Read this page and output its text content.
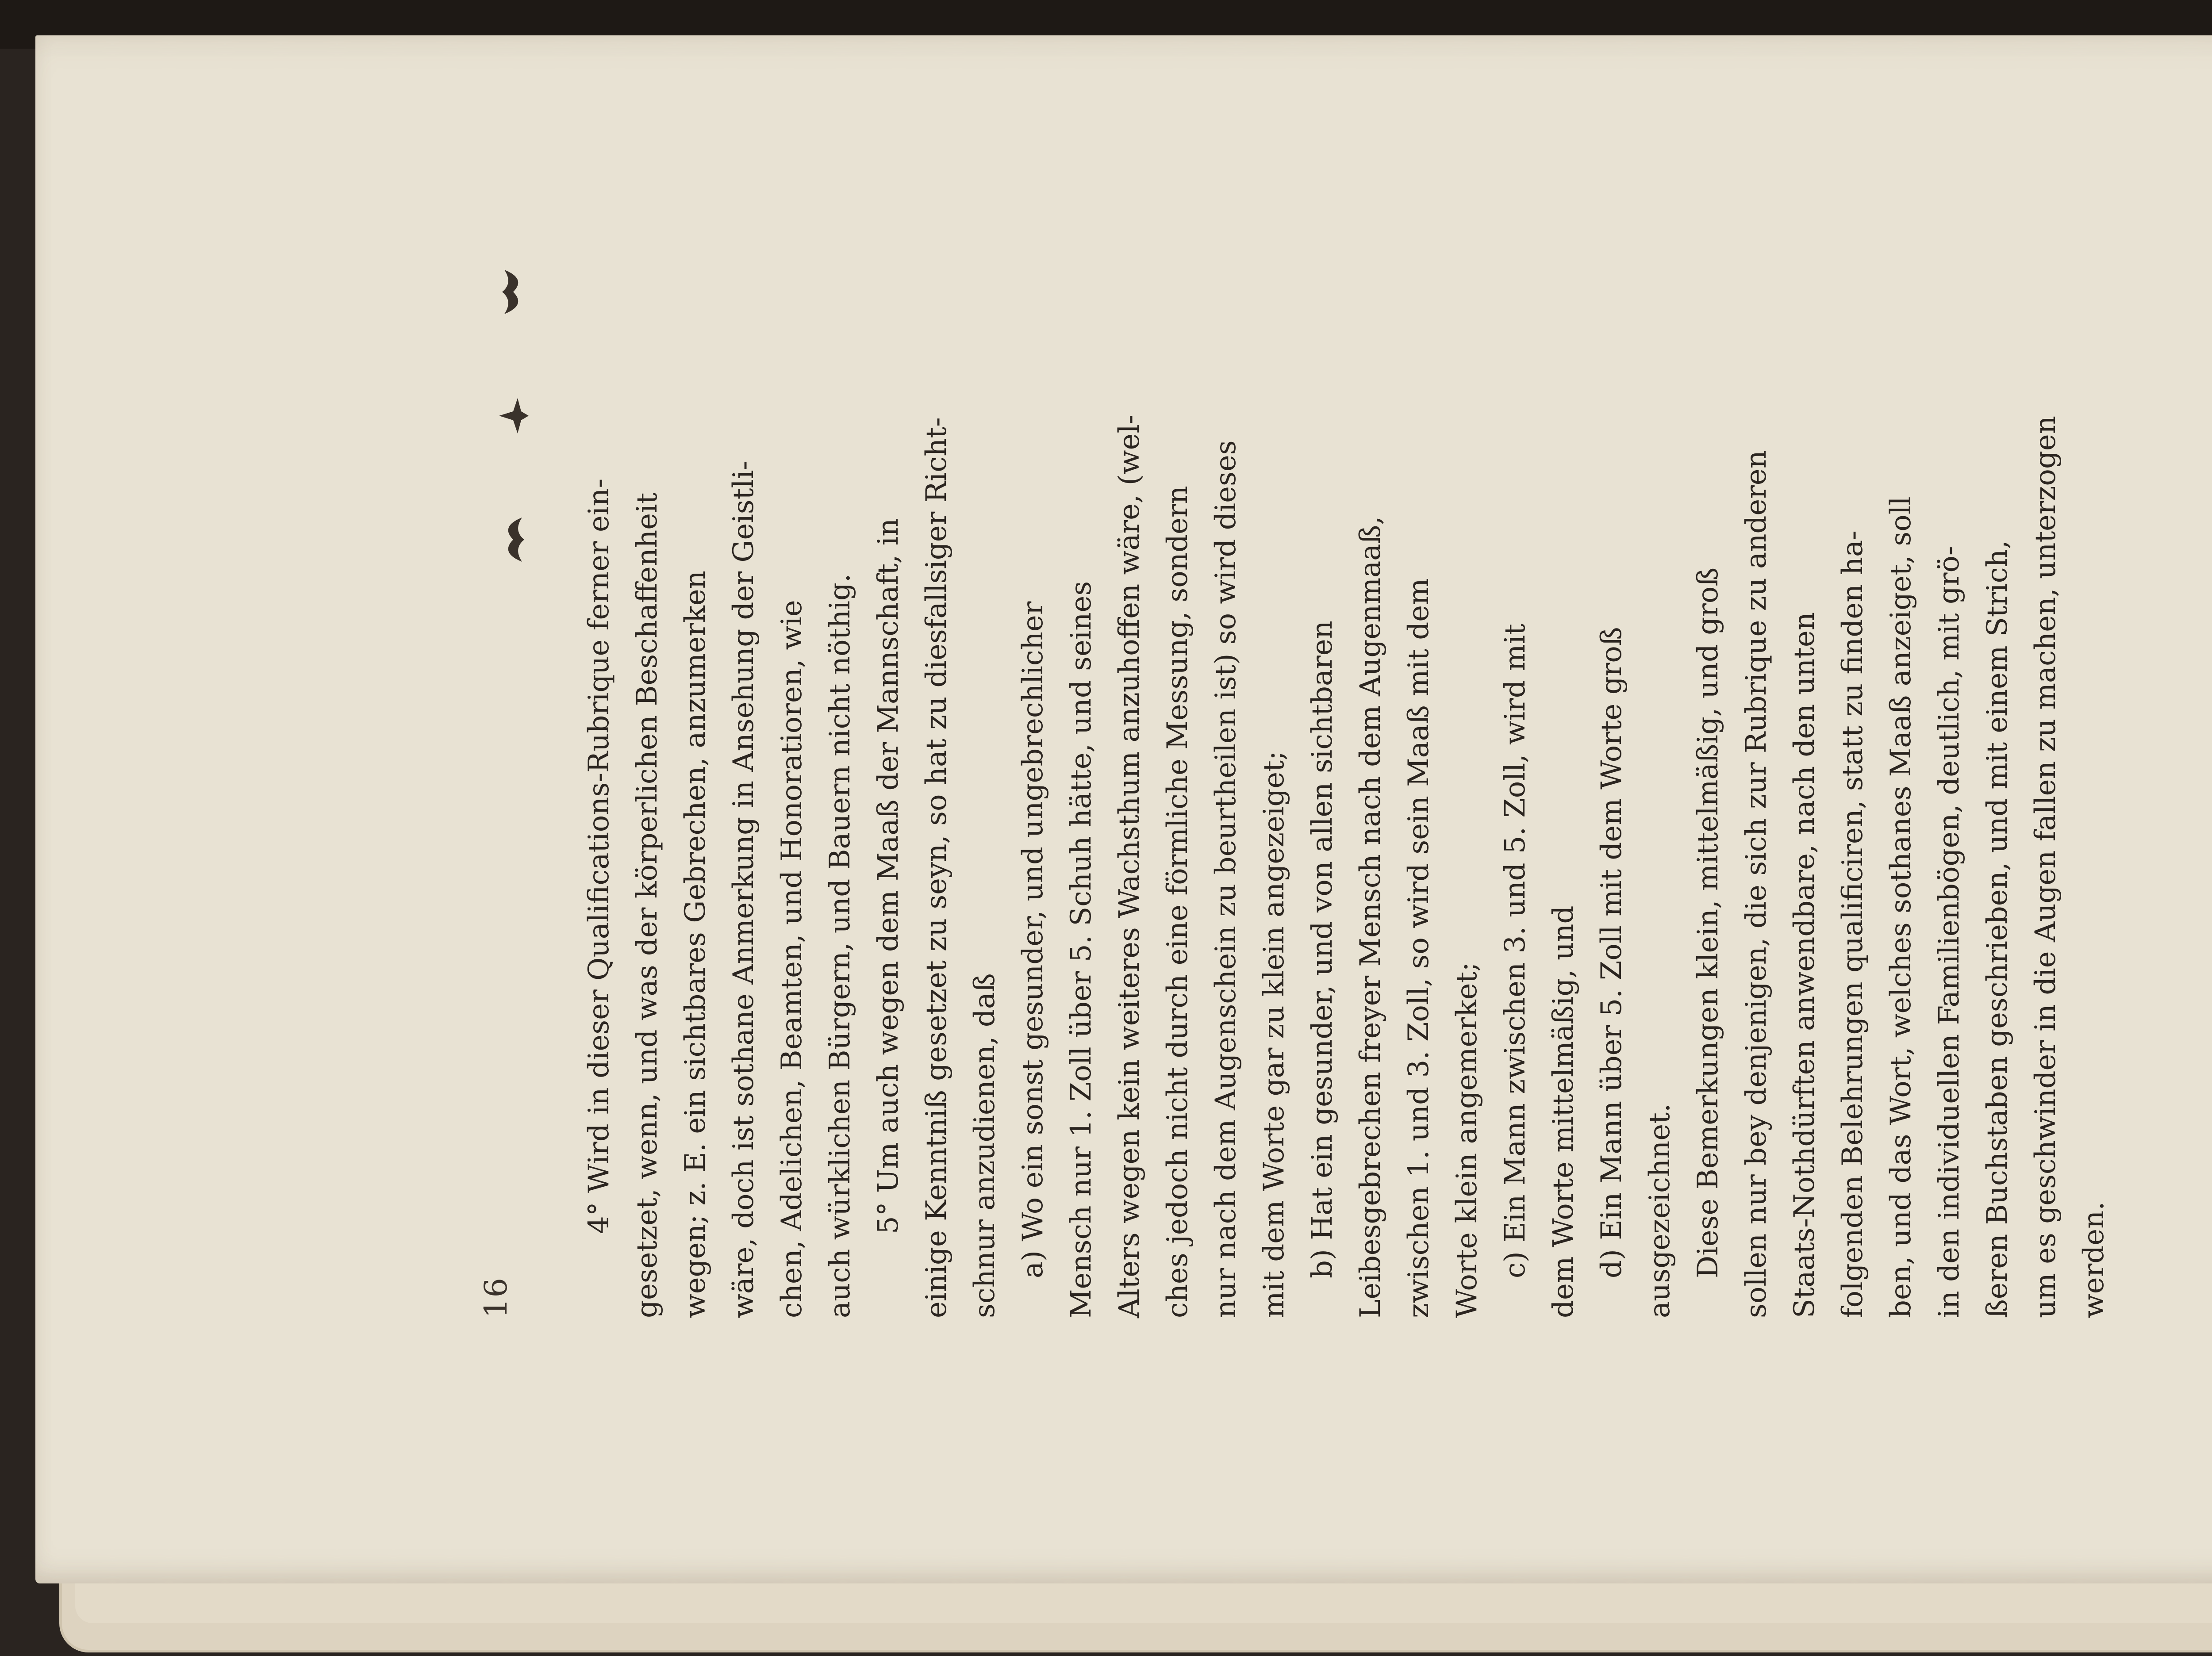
16
4° Wird in dieser Qualifications-Rubrique ferner ein- gesetzet, wenn, und was der körperlichen Beschaffenheit wegen; z. E. ein sichtbares Gebrechen, anzumerken wäre, doch ist sothane Anmerkung in Ansehung der Geistli- chen, Adelichen, Beamten, und Honoratioren, wie auch würklichen Bürgern, und Bauern nicht nöthig. 5° Um auch wegen dem Maaß der Mannschaft, in einige Kenntniß gesetzet zu seyn, so hat zu diesfallsiger Richt- schnur anzudienen, daß a) Wo ein sonst gesunder, und ungebrechlicher Mensch nur 1. Zoll über 5. Schuh hätte, und seines Alters wegen kein weiteres Wachsthum anzuhoffen wäre, (wel- ches jedoch nicht durch eine förmliche Messung, sondern nur nach dem Augenschein zu beurtheilen ist) so wird dieses mit dem Worte gar zu klein angezeiget; b) Hat ein gesunder, und von allen sichtbaren Leibesgebrechen freyer Mensch nach dem Augenmaaß, zwischen 1. und 3. Zoll, so wird sein Maaß mit dem Worte klein angemerket; c) Ein Mann zwischen 3. und 5. Zoll, wird mit dem Worte mittelmäßig, und d) Ein Mann über 5. Zoll mit dem Worte groß ausgezeichnet. Diese Bemerkungen klein, mittelmäßig, und groß sollen nur bey denjenigen, die sich zur Rubrique zu anderen Staats-Nothdürften anwendbare, nach den unten folgenden Belehrungen qualificiren, statt zu finden ha- ben, und das Wort, welches sothanes Maaß anzeiget, soll in den individuellen Familienbögen, deutlich, mit grö- ßeren Buchstaben geschrieben, und mit einem Strich, um es geschwinder in die Augen fallen zu machen, unterzogen werden.
